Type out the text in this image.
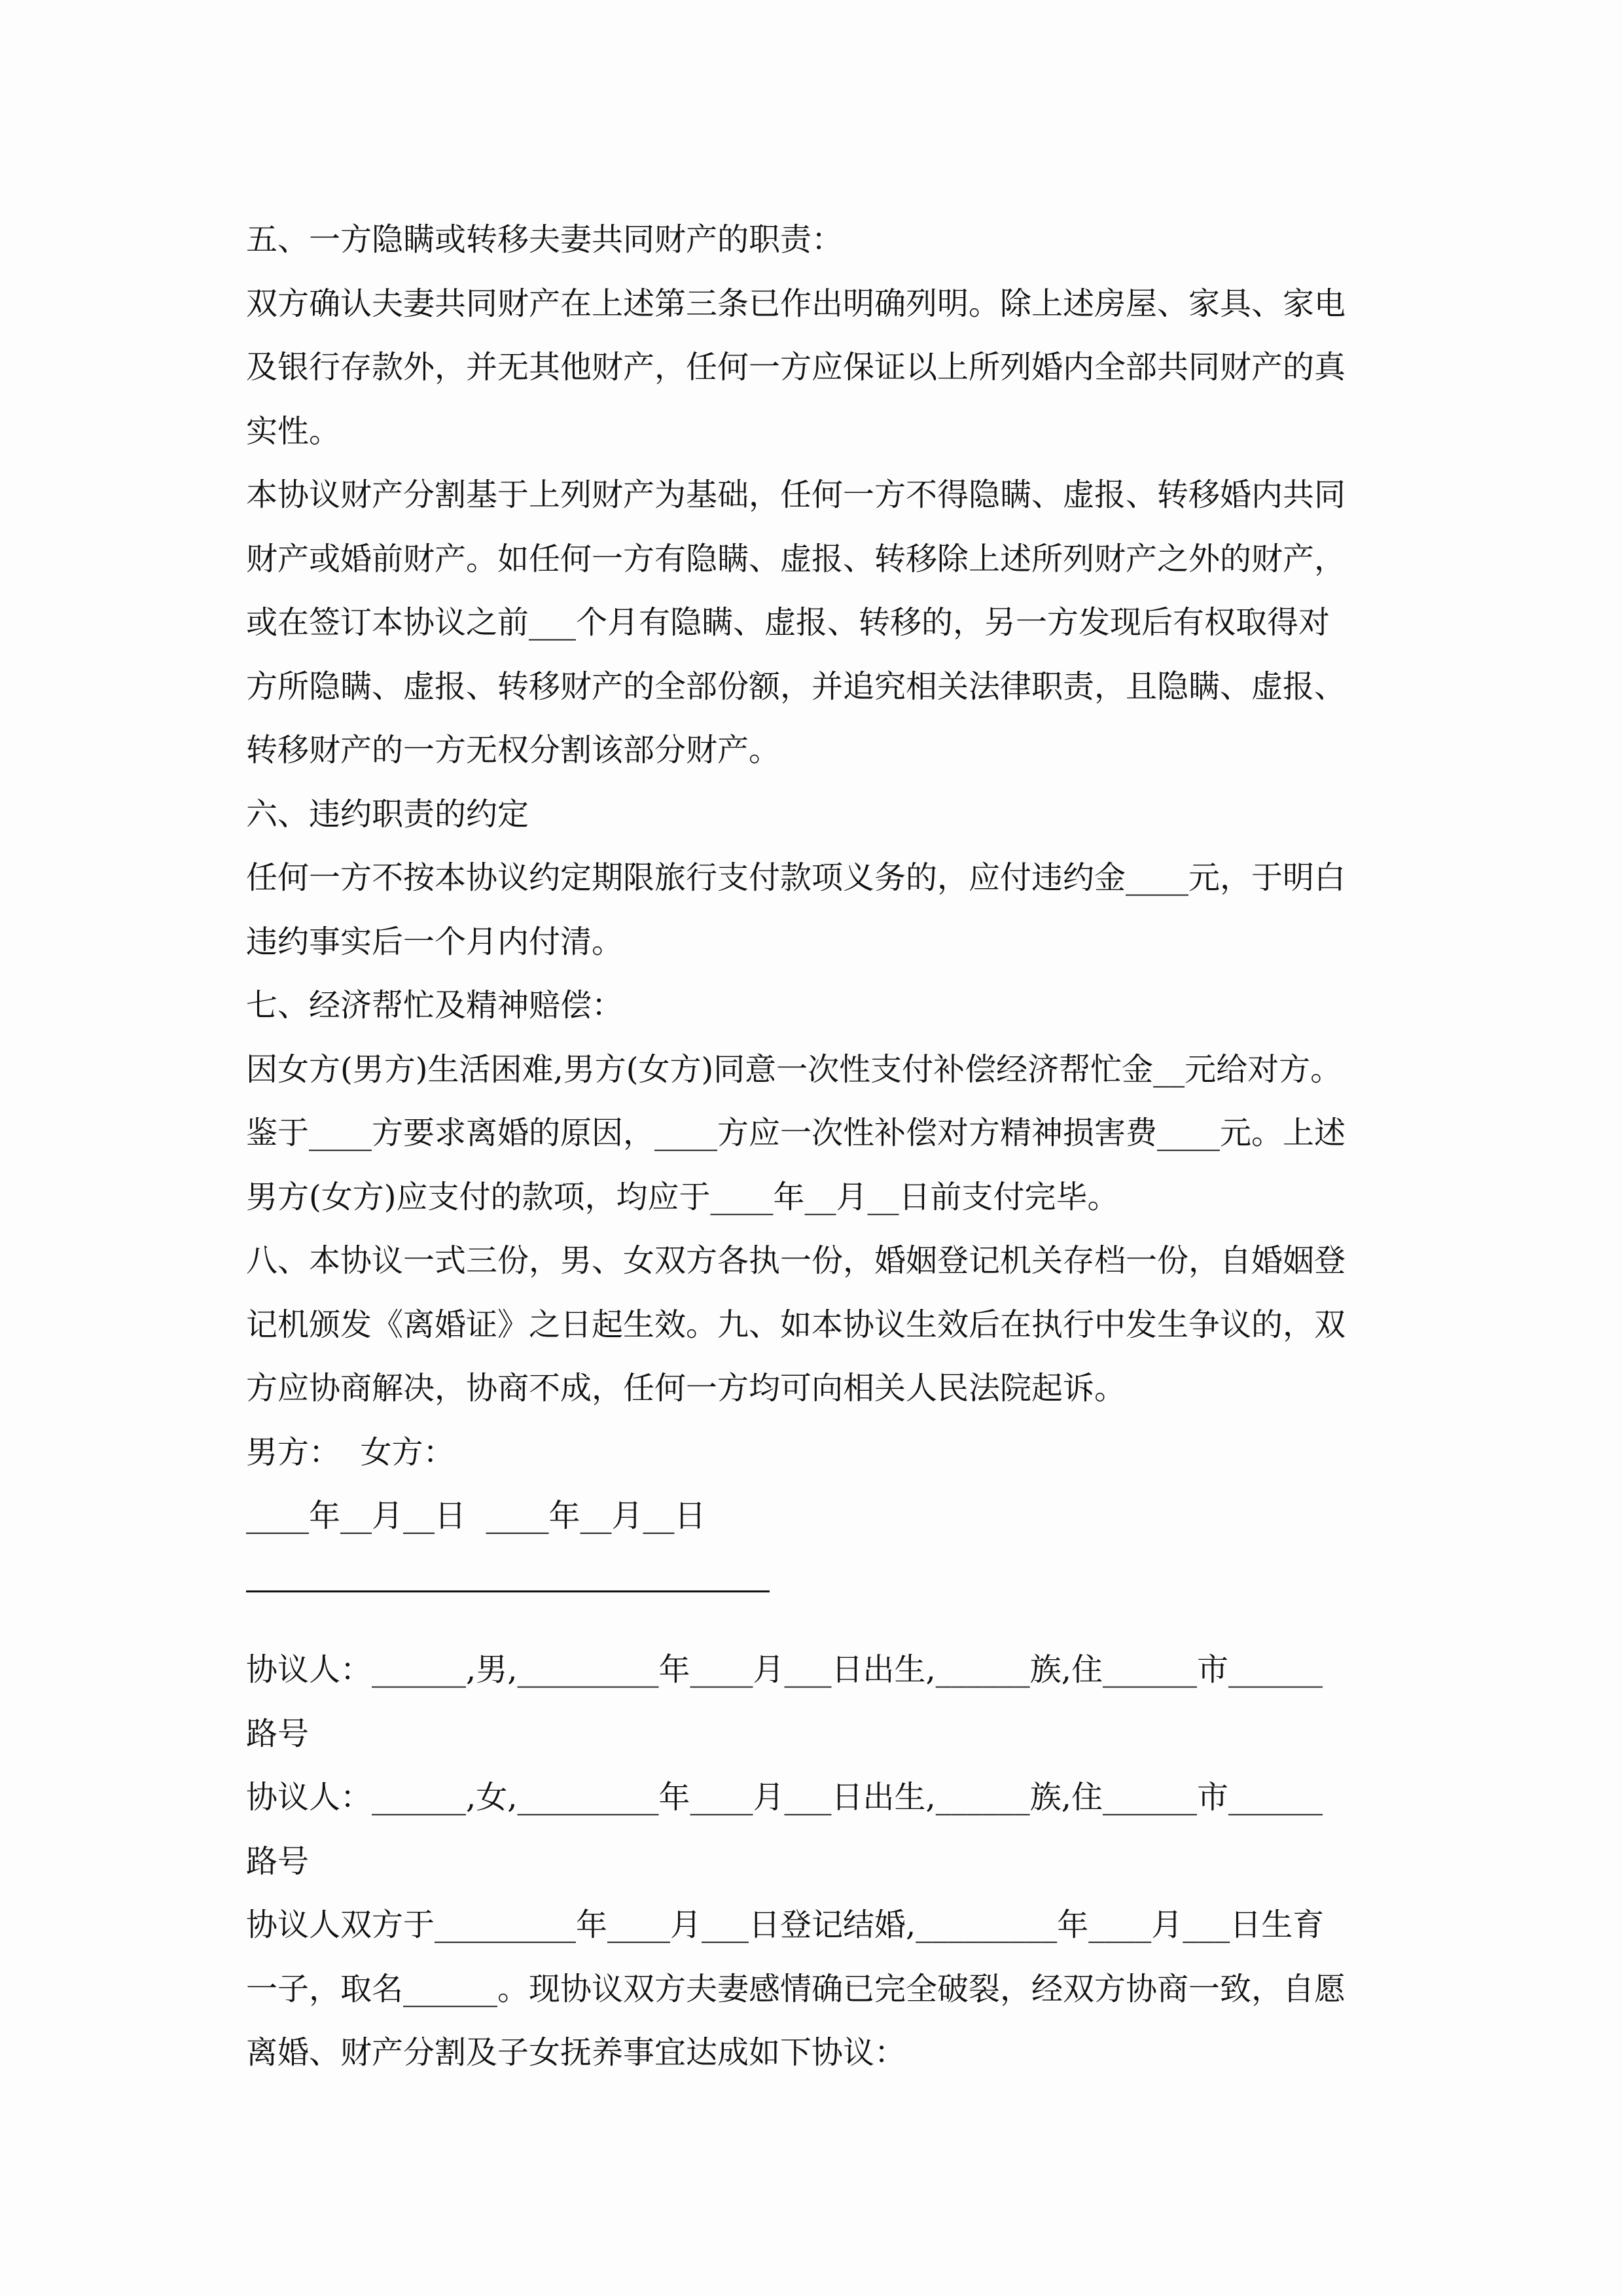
五、一方隐瞒或转移夫妻共同财产的职责：
双方确认夫妻共同财产在上述第三条已作出明确列明。除上述房屋、家具、家电
及银行存款外，并无其他财产，任何一方应保证以上所列婚内全部共同财产的真
实性。
本协议财产分割基于上列财产为基础，任何一方不得隐瞒、虚报、转移婚内共同
财产或婚前财产。如任何一方有隐瞒、虚报、转移除上述所列财产之外的财产，
或在签订本协议之前___个月有隐瞒、虚报、转移的，另一方发现后有权取得对
方所隐瞒、虚报、转移财产的全部份额，并追究相关法律职责，且隐瞒、虚报、
转移财产的一方无权分割该部分财产。
六、违约职责的约定
任何一方不按本协议约定期限旅行支付款项义务的，应付违约金____元，于明白
违约事实后一个月内付清。
七、经济帮忙及精神赔偿：
因女方(男方)生活困难,男方(女方)同意一次性支付补偿经济帮忙金__元给对方。
鉴于____方要求离婚的原因，____方应一次性补偿对方精神损害费____元。上述
男方(女方)应支付的款项，均应于____年__月__日前支付完毕。
八、本协议一式三份，男、女双方各执一份，婚姻登记机关存档一份，自婚姻登
记机颁发《离婚证》之日起生效。九、如本协议生效后在执行中发生争议的，双
方应协商解决，协商不成，任何一方均可向相关人民法院起诉。
男方：  女方：
____年__月__日  ____年__月__日
协议人：______,男,_________年____月___日出生,______族,住______市______
路号
协议人：______,女,_________年____月___日出生,______族,住______市______
路号
协议人双方于_________年____月___日登记结婚,_________年____月___日生育
一子，取名______。现协议双方夫妻感情确已完全破裂，经双方协商一致，自愿
离婚、财产分割及子女抚养事宜达成如下协议：
